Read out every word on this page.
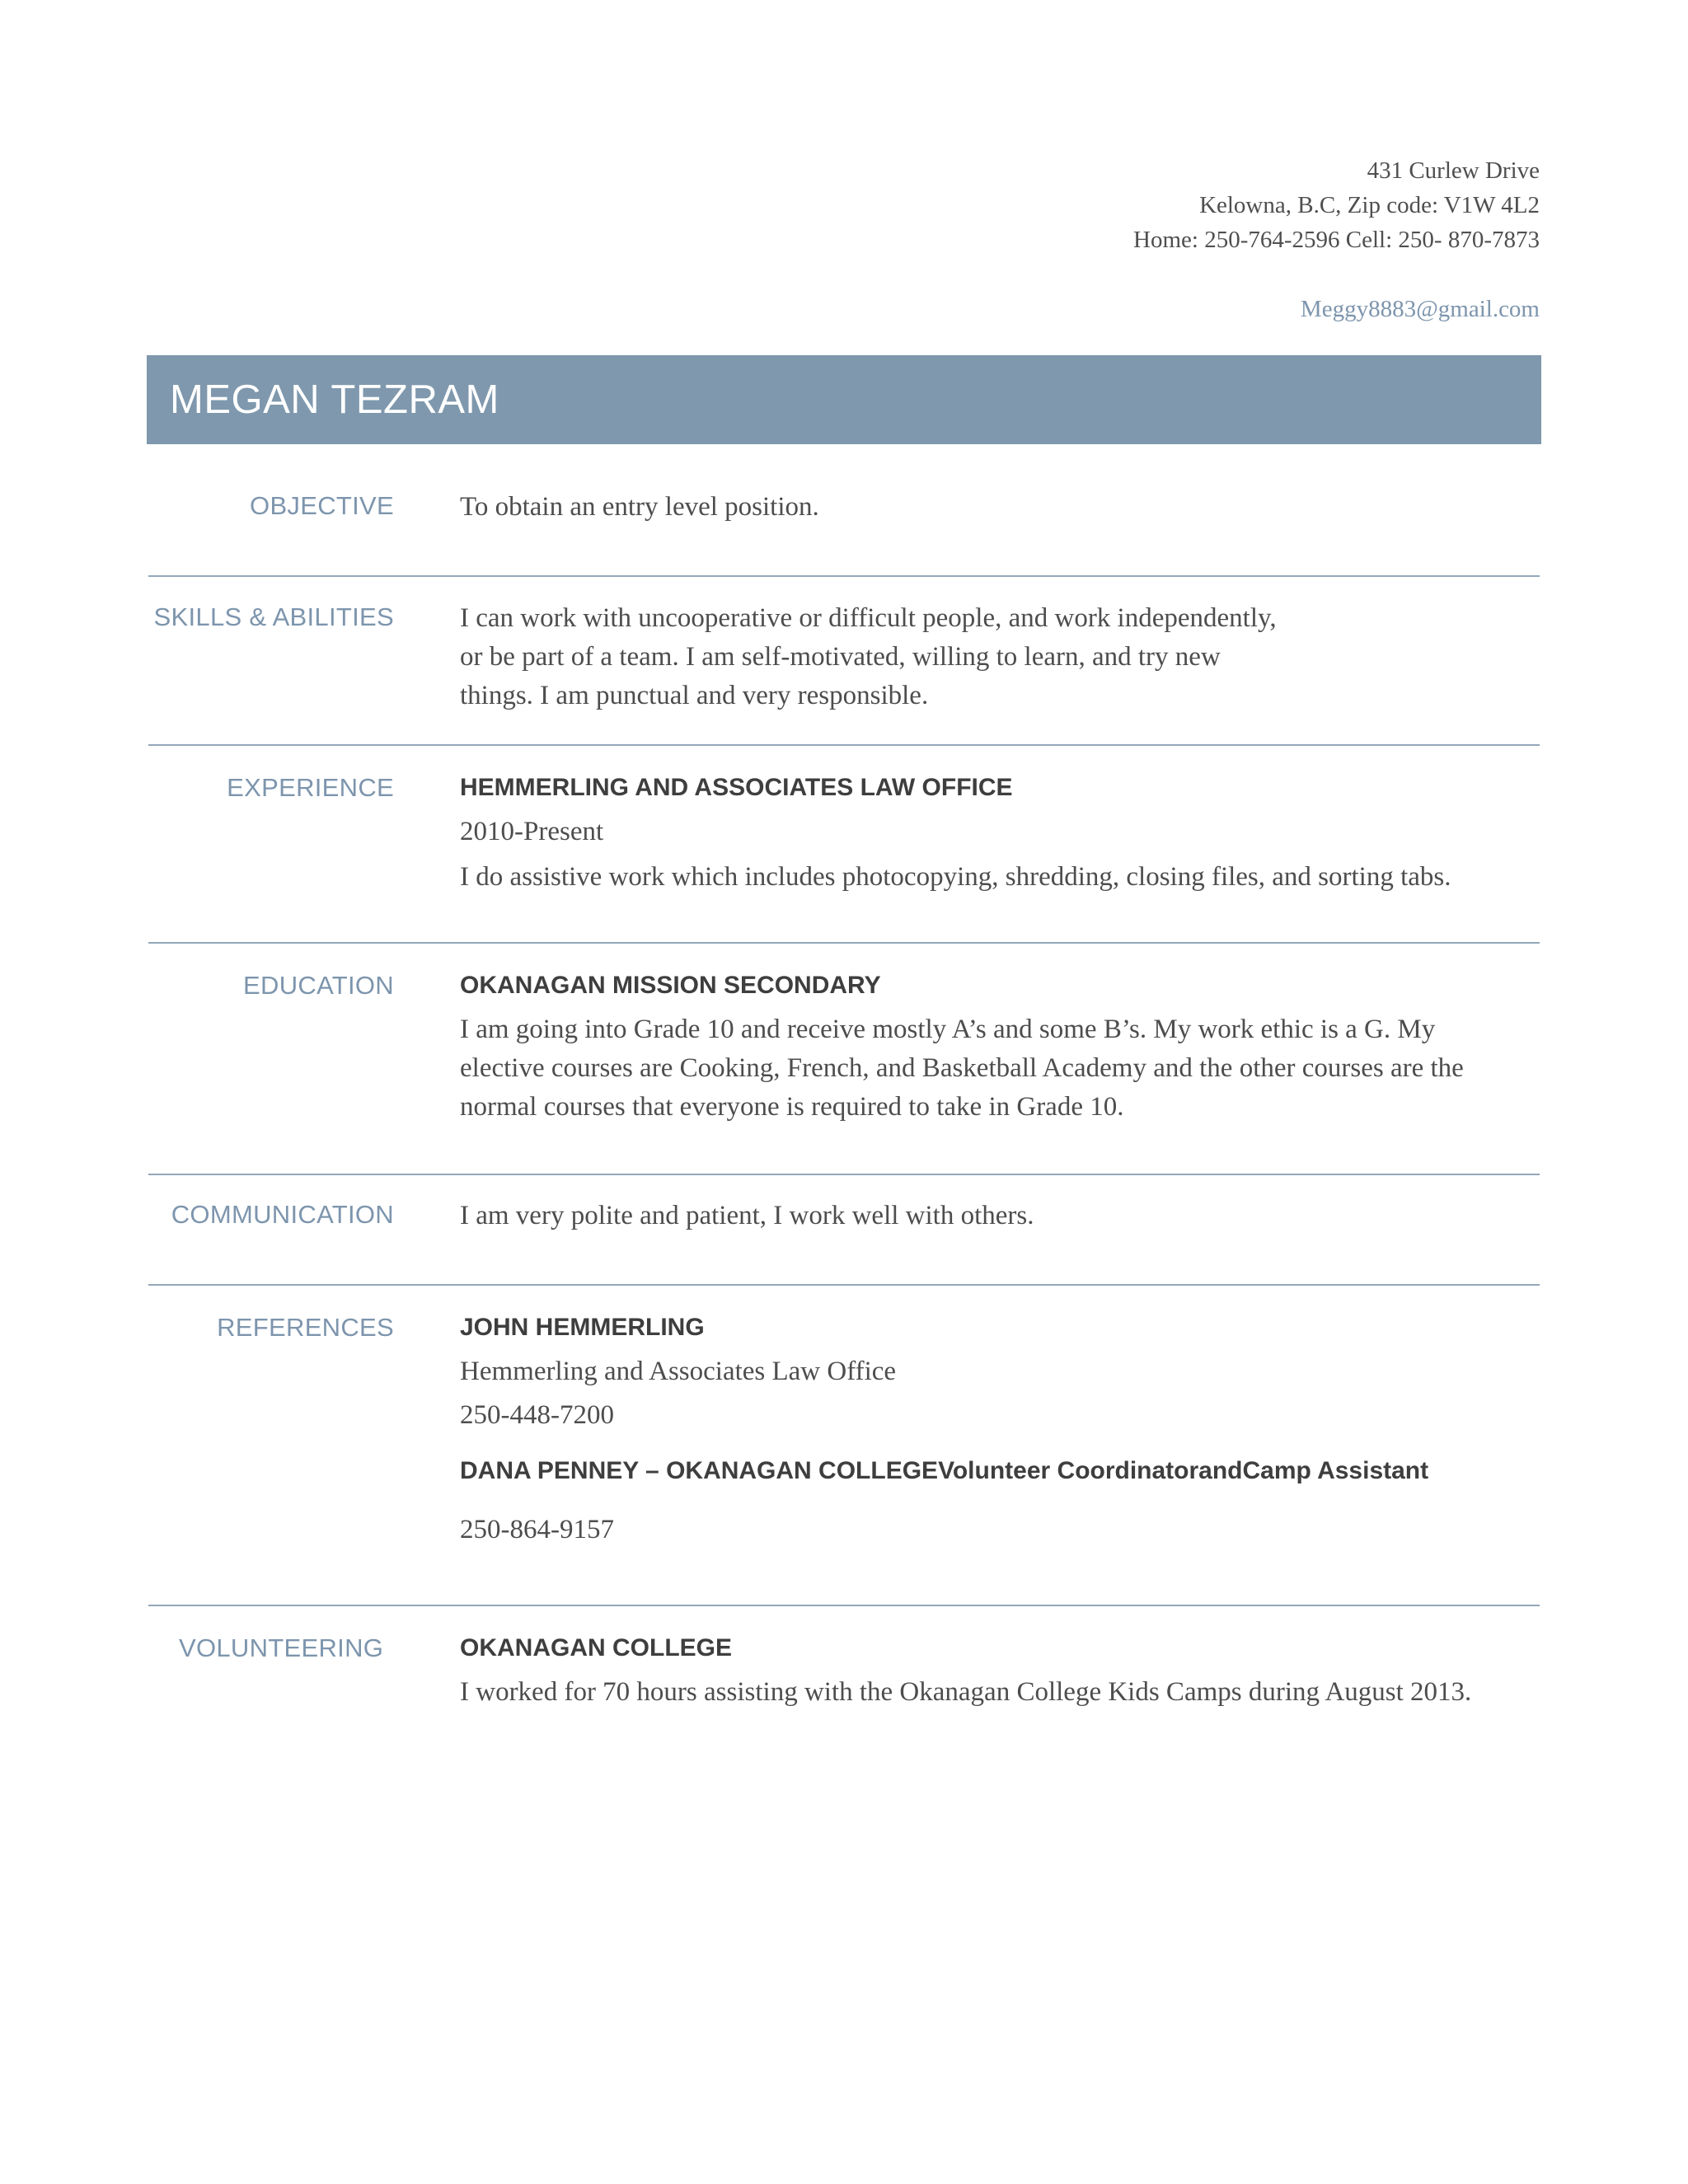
431 Curlew Drive
Kelowna, B.C, Zip code: V1W 4L2
Home: 250-764-2596 Cell: 250- 870-7873
Meggy8883@gmail.com
MEGAN TEZRAM
OBJECTIVE To obtain an entry level position.

SKILLS & ABILITIES I can work with uncooperative or difficult people, and work independently,

or be part of a team. I am self-motivated, willing to learn, and try new

things. I am punctual and very responsible.

EXPERIENCE	HEMMERLING AND ASSOCIATES LAW OFFICE

2010-Present

I do assistive work which includes photocopying, shredding, closing files, and sorting tabs.

EDUCATION	OKANAGAN MISSION SECONDARY

I am going into Grade 10 and receive mostly A’s and some B’s. My work ethic is a G. My

elective courses are Cooking, French, and Basketball Academy and the other courses are the

normal courses that everyone is required to take in Grade 10.

COMMUNICATION I am very polite and patient, I work well with others.

REFERENCES	JOHN HEMMERLING

Hemmerling and Associates Law Office

250-448-7200

DANA PENNEY – OKANAGAN COLLEGEVolunteer CoordinatorandCamp Assistant

250-864-9157

VOLUNTEERING	OKANAGAN COLLEGE

I worked for 70 hours assisting with the Okanagan College Kids Camps during August 2013.
